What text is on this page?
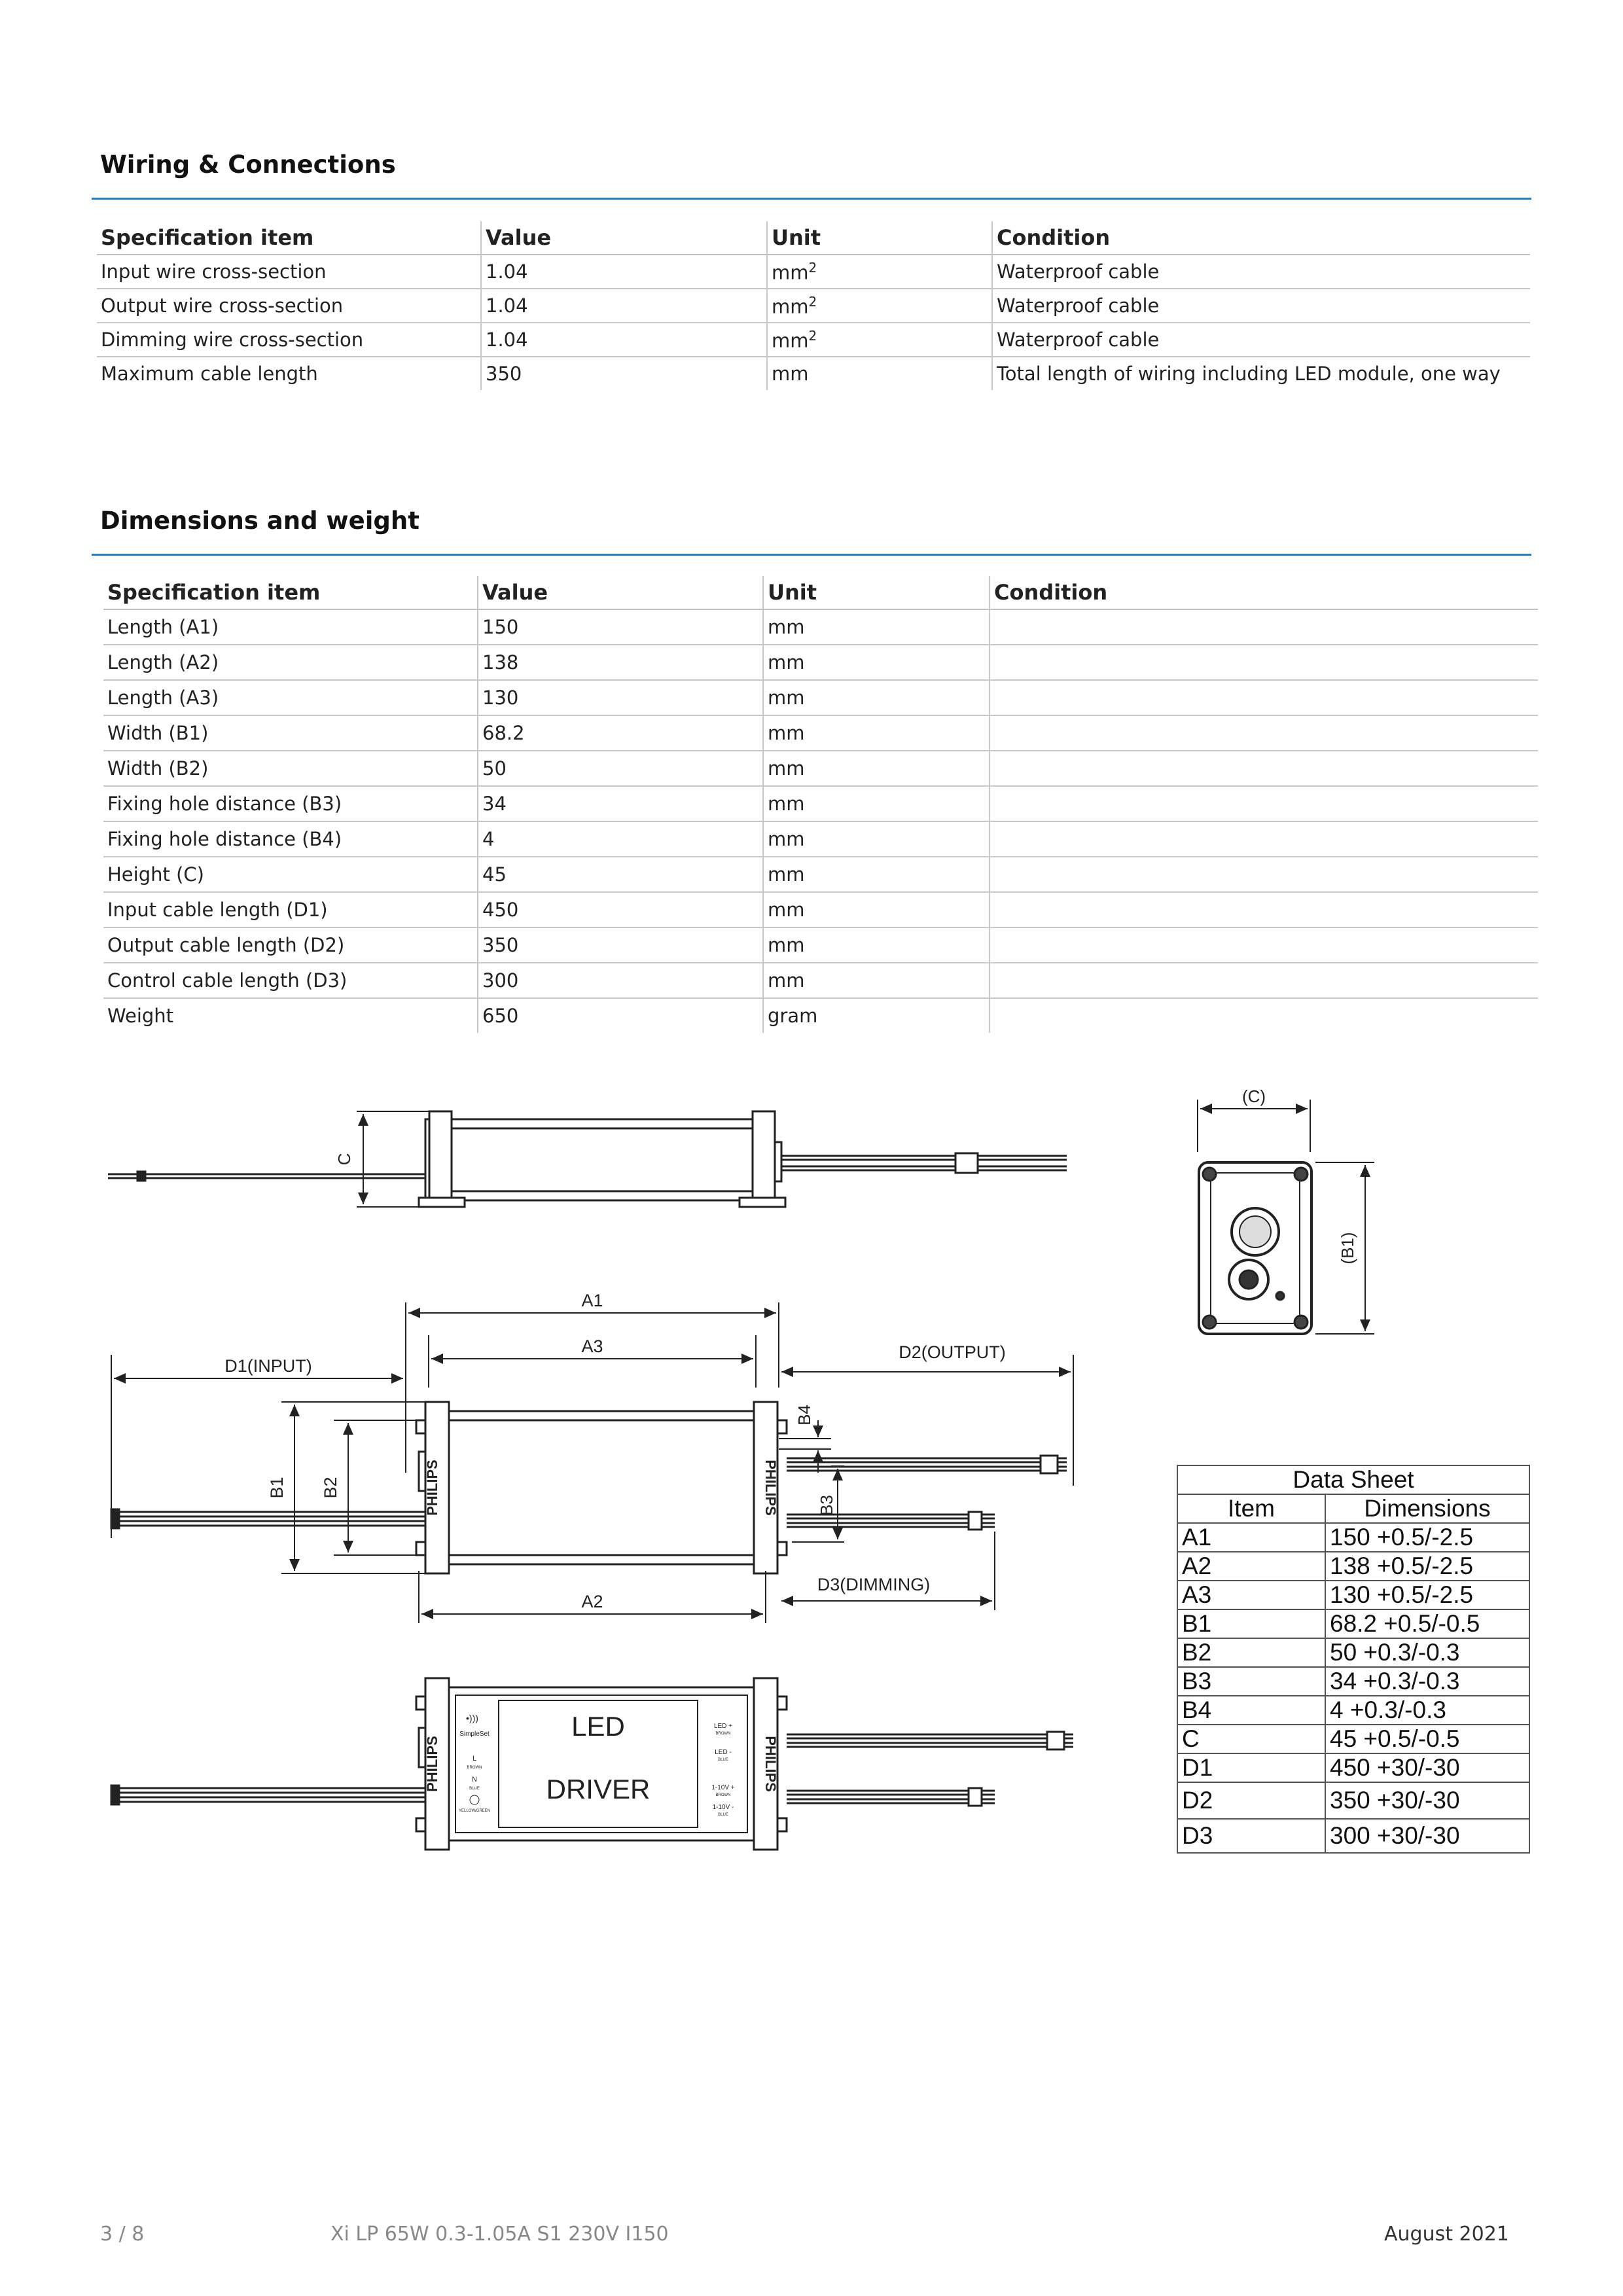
Wiring & Connections
Specification item	Value	Unit	Condition
Input wire cross-section	1.04	$mm^2$	Waterproof cable
Output wire cross-section	1.04	$mm^2$	Waterproof cable
Dimming wire cross-section	1.04	$mm^2$	Waterproof cable
Maximum cable length	350	mm	Total length of wiring including LED module, one way
Dimensions and weight
Specification item	Value	Unit	Condition
Length (A1)	150	mm	
Length (A2)	138	mm	
Length (A3)	130	mm	
Width (B1)	68.2	mm	
Width (B2)	50	mm	
Fixing hole distance (B3)	34	mm	
Fixing hole distance (B4)	4	mm	
Height (C)	45	mm	
Input cable length (D1)	450	mm	
Output cable length (D2)	350	mm	
Control cable length (D3)	300	mm	
Weight	650	gram	
C
(C)
(B1)
A1
A3
D1(INPUT)
D2(OUTPUT)
PHILIPS	PHILIPS
B1 B2
B4
B3
A2
D3(DIMMING)
PHILIPS	PHILIPS
•)))
SimpleSet
L
BROWN
N
BLUE
YELLOW/GREEN
LED
DRIVER
LED +
BROWN
LED -
BLUE
1-10V +
BROWN
1-10V -
BLUE
Data Sheet	
Item	Dimensions
A1	150 +0.5/-2.5
A2	138 +0.5/-2.5
A3	130 +0.5/-2.5
B1	68.2 +0.5/-0.5
B2	50 +0.3/-0.3
B3	34 +0.3/-0.3
B4	4 +0.3/-0.3
C	45 +0.5/-0.5
D1	450 +30/-30
D2	350 +30/-30
D3	300 +30/-30
3 / 8	Xi LP 65W 0.3-1.05A S1 230V I150	August 2021
